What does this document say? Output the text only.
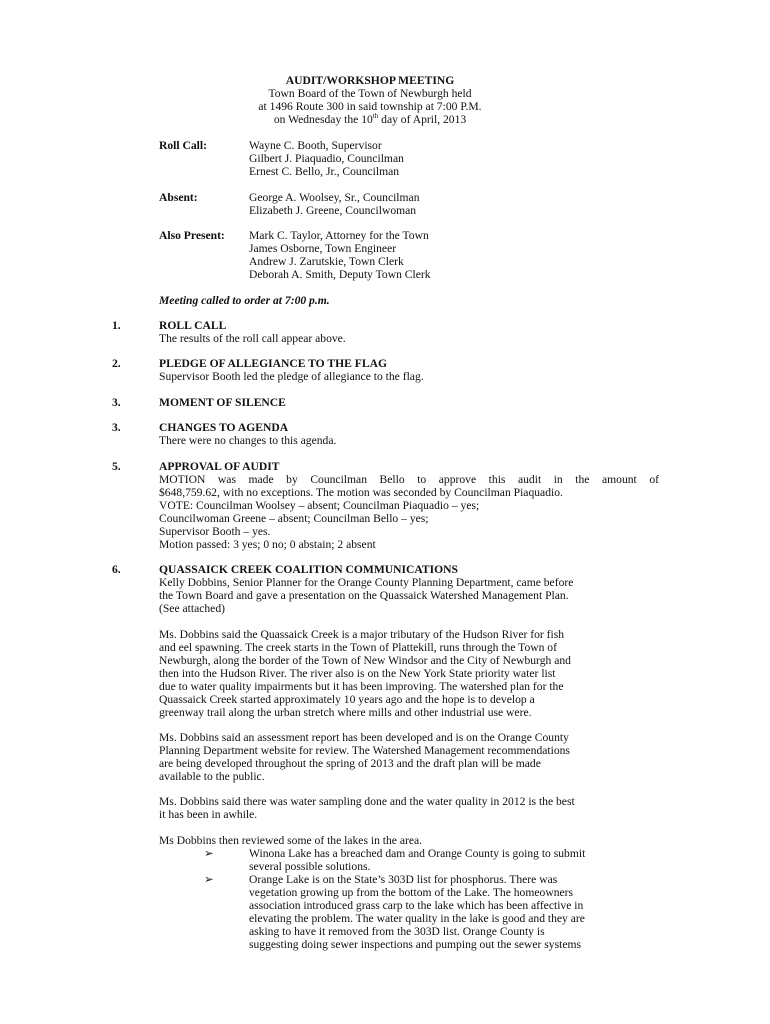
AUDIT/WORKSHOP MEETING
Town Board of the Town of Newburgh held
at 1496 Route 300 in said township at 7:00 P.M.
on Wednesday the 10th day of April, 2013
Roll Call:	Wayne C. Booth, Supervisor
Gilbert J. Piaquadio, Councilman
Ernest C. Bello, Jr., Councilman
Absent:	George A. Woolsey, Sr., Councilman
Elizabeth J. Greene, Councilwoman
Also Present: Mark C. Taylor, Attorney for the Town
James Osborne, Town Engineer
Andrew J. Zarutskie, Town Clerk
Deborah A. Smith, Deputy Town Clerk
Meeting called to order at 7:00 p.m.
1.	ROLL CALL
The results of the roll call appear above.
2.	PLEDGE OF ALLEGIANCE TO THE FLAG
Supervisor Booth led the pledge of allegiance to the flag.
3.	MOMENT OF SILENCE
3.	CHANGES TO AGENDA
There were no changes to this agenda.
5.	APPROVAL OF AUDIT
MOTION was made by Councilman Bello to approve this audit in the amount of
$648,759.62, with no exceptions. The motion was seconded by Councilman Piaquadio.
VOTE: Councilman Woolsey – absent; Councilman Piaquadio – yes;
Councilwoman Greene – absent; Councilman Bello – yes;
Supervisor Booth – yes.
Motion passed: 3 yes; 0 no; 0 abstain; 2 absent
6.	QUASSAICK CREEK COALITION COMMUNICATIONS
Kelly Dobbins, Senior Planner for the Orange County Planning Department, came before
the Town Board and gave a presentation on the Quassaick Watershed Management Plan.
(See attached)
Ms. Dobbins said the Quassaick Creek is a major tributary of the Hudson River for fish
and eel spawning. The creek starts in the Town of Plattekill, runs through the Town of
Newburgh, along the border of the Town of New Windsor and the City of Newburgh and
then into the Hudson River. The river also is on the New York State priority water list
due to water quality impairments but it has been improving. The watershed plan for the
Quassaick Creek started approximately 10 years ago and the hope is to develop a
greenway trail along the urban stretch where mills and other industrial use were.
Ms. Dobbins said an assessment report has been developed and is on the Orange County
Planning Department website for review. The Watershed Management recommendations
are being developed throughout the spring of 2013 and the draft plan will be made
available to the public.
Ms. Dobbins said there was water sampling done and the water quality in 2012 is the best
it has been in awhile.
Ms Dobbins then reviewed some of the lakes in the area.
➢	Winona Lake has a breached dam and Orange County is going to submit
several possible solutions.
➢	Orange Lake is on the State’s 303D list for phosphorus. There was
vegetation growing up from the bottom of the Lake. The homeowners
association introduced grass carp to the lake which has been affective in
elevating the problem. The water quality in the lake is good and they are
asking to have it removed from the 303D list. Orange County is
suggesting doing sewer inspections and pumping out the sewer systems
